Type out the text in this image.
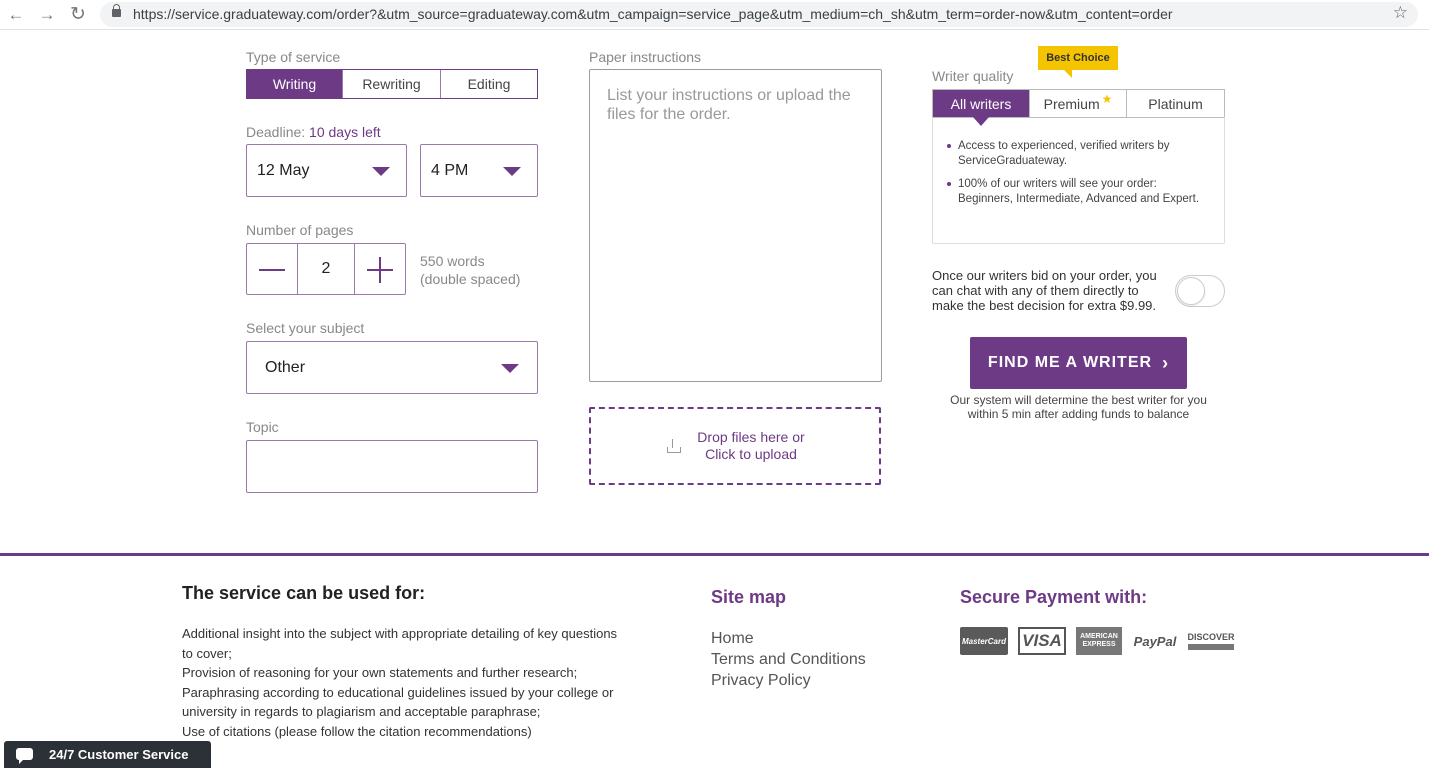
← → ↻	https://service.graduateway.com/order?&utm_source=graduateway.com&utm_campaign=service_page&utm_medium=ch_sh&utm_term=order-now&utm_content=order	☆
Type of service
Writing	Rewriting	Editing
Deadline: 10 days left
12 May	4 PM
Number of pages
2	550 words
(double spaced)
Select your subject
Other
Topic
Paper instructions
List your instructions or upload the files for the order.
Drop files here or
Click to upload
Writer quality
Best Choice
All writers	Premium ★	Platinum
Access to experienced, verified writers by ServiceGraduateway.
100% of our writers will see your order: Beginners, Intermediate, Advanced and Expert.
Once our writers bid on your order, you can chat with any of them directly to make the best decision for extra $9.99.
FIND ME A WRITER ›
Our system will determine the best writer for you within 5 min after adding funds to balance
The service can be used for:
Additional insight into the subject with appropriate detailing of key questions to cover;
Provision of reasoning for your own statements and further research;
Paraphrasing according to educational guidelines issued by your college or university in regards to plagiarism and acceptable paraphrase;
Use of citations (please follow the citation recommendations)
Site map
Home
Terms and Conditions
Privacy Policy
Secure Payment with:
MasterCard VISA	AMERICAN EXPRESS	PayPal DISCOVER
24/7 Customer Service
